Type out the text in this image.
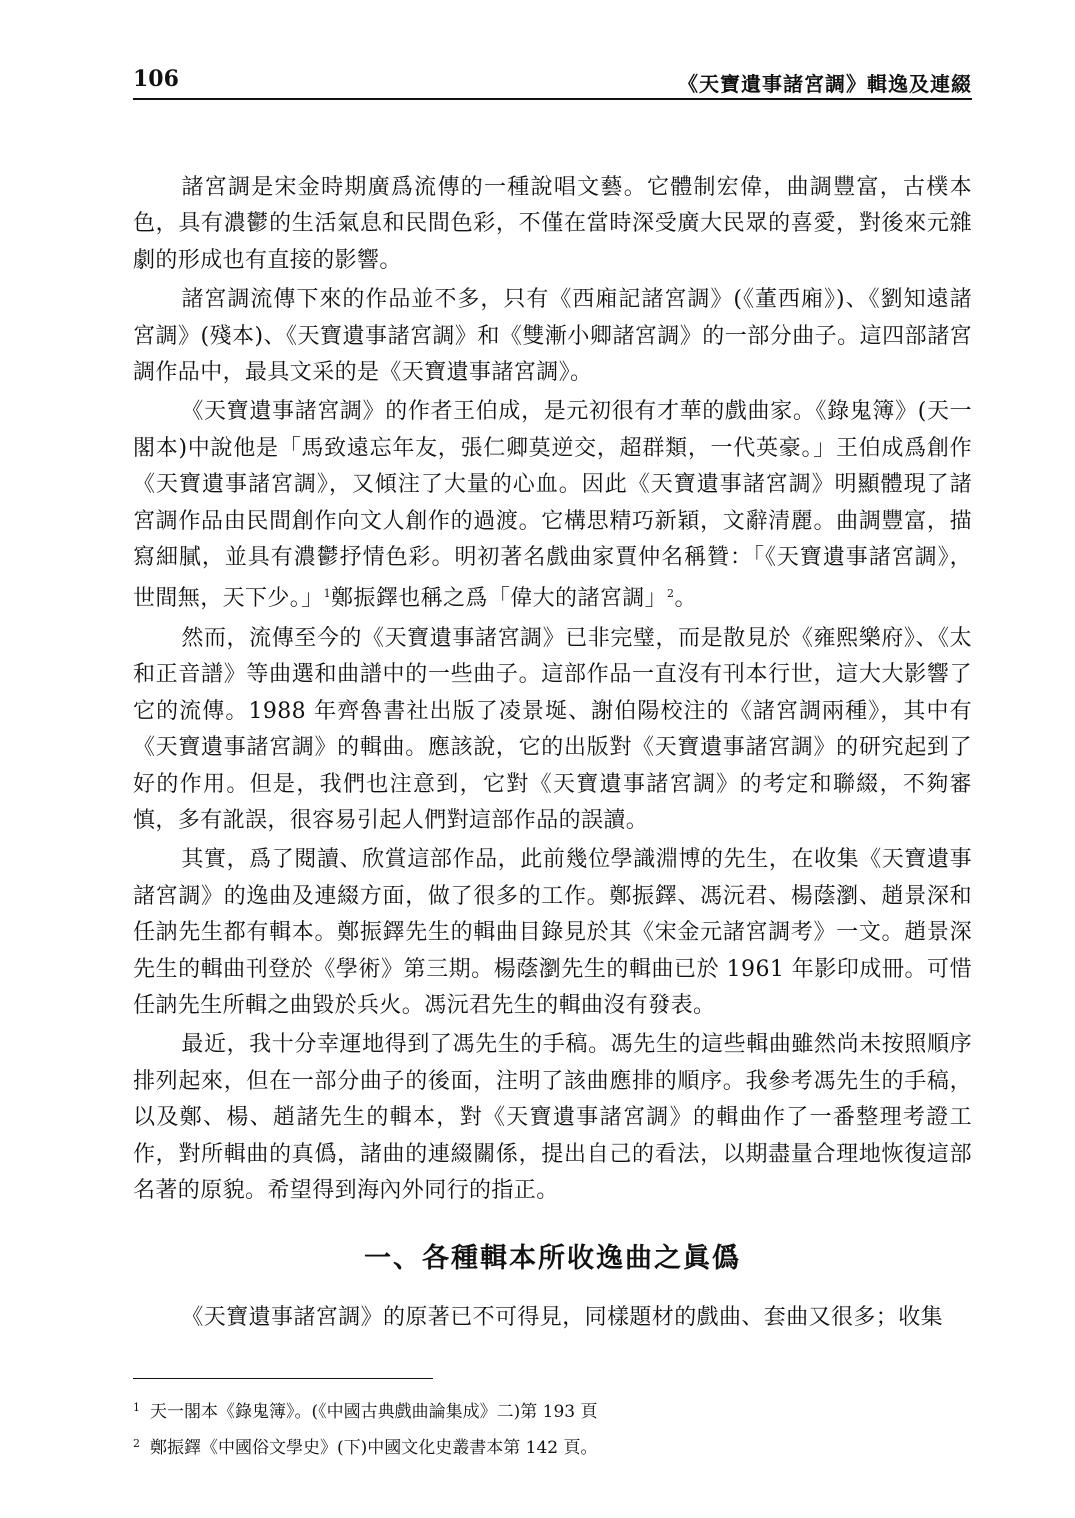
106	《天寶遺事諸宮調》輯逸及連綴

諸宮調是宋金時期廣爲流傳的一種說唱文藝。它體制宏偉，曲調豐富，古樸本色，具有濃鬱的生活氣息和民間色彩，不僅在當時深受廣大民眾的喜愛，對後來元雜劇的形成也有直接的影響。

諸宮調流傳下來的作品並不多，只有《西廂記諸宮調》(《董西廂》)、《劉知遠諸宮調》(殘本)、《天寶遺事諸宮調》和《雙漸小卿諸宮調》的一部分曲子。這四部諸宮調作品中，最具文采的是《天寶遺事諸宮調》。

《天寶遺事諸宮調》的作者王伯成，是元初很有才華的戲曲家。《錄鬼簿》(天一閣本)中說他是「馬致遠忘年友，張仁卿莫逆交，超群類，一代英豪。」王伯成爲創作《天寶遺事諸宮調》，又傾注了大量的心血。因此《天寶遺事諸宮調》明顯體現了諸宮調作品由民間創作向文人創作的過渡。它構思精巧新穎，文辭清麗。曲調豐富，描寫細膩，並具有濃鬱抒情色彩。明初著名戲曲家賈仲名稱贊：「《天寶遺事諸宮調》，世間無，天下少。」$^1$鄭振鐸也稱之爲「偉大的諸宮調」$^2$。

然而，流傳至今的《天寶遺事諸宮調》已非完璧，而是散見於《雍熙樂府》、《太和正音譜》等曲選和曲譜中的一些曲子。這部作品一直沒有刊本行世，這大大影響了它的流傳。1988 年齊魯書社出版了凌景埏、謝伯陽校注的《諸宮調兩種》，其中有《天寶遺事諸宮調》的輯曲。應該說，它的出版對《天寶遺事諸宮調》的研究起到了好的作用。但是，我們也注意到，它對《天寶遺事諸宮調》的考定和聯綴，不夠審慎，多有訛誤，很容易引起人們對這部作品的誤讀。

其實，爲了閱讀、欣賞這部作品，此前幾位學識淵博的先生，在收集《天寶遺事諸宮調》的逸曲及連綴方面，做了很多的工作。鄭振鐸、馮沅君、楊蔭瀏、趙景深和任訥先生都有輯本。鄭振鐸先生的輯曲目錄見於其《宋金元諸宮調考》一文。趙景深先生的輯曲刊登於《學術》第三期。楊蔭瀏先生的輯曲已於 1961 年影印成冊。可惜任訥先生所輯之曲毀於兵火。馮沅君先生的輯曲沒有發表。

最近，我十分幸運地得到了馮先生的手稿。馮先生的這些輯曲雖然尚未按照順序排列起來，但在一部分曲子的後面，注明了該曲應排的順序。我參考馮先生的手稿，以及鄭、楊、趙諸先生的輯本，對《天寶遺事諸宮調》的輯曲作了一番整理考證工作，對所輯曲的真僞，諸曲的連綴關係，提出自己的看法，以期盡量合理地恢復這部名著的原貌。希望得到海內外同行的指正。

一、各種輯本所收逸曲之眞僞

《天寶遺事諸宮調》的原著已不可得見，同樣題材的戲曲、套曲又很多；收集

$^1$ 天一閣本《錄鬼簿》。(《中國古典戲曲論集成》二)第 193 頁

$^2$ 鄭振鐸《中國俗文學史》(下)中國文化史叢書本第 142 頁。
